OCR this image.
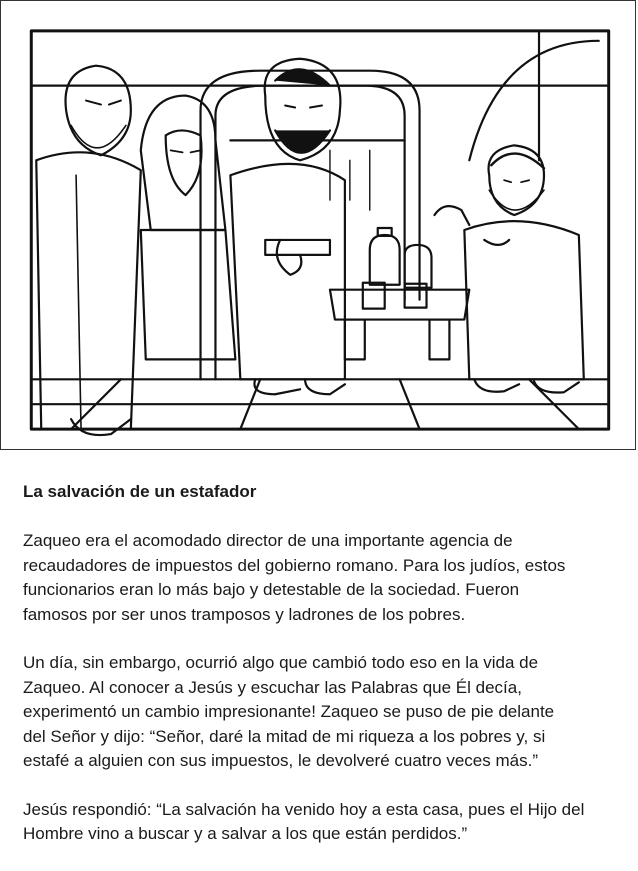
La salvación de un estafador

Zaqueo era el acomodado director de una importante agencia de
recaudadores de impuestos del gobierno romano. Para los judíos, estos
funcionarios eran lo más bajo y detestable de la sociedad. Fueron
famosos por ser unos tramposos y ladrones de los pobres.

Un día, sin embargo, ocurrió algo que cambió todo eso en la vida de
Zaqueo. Al conocer a Jesús y escuchar las Palabras que Él decía,
experimentó un cambio impresionante! Zaqueo se puso de pie delante
del Señor y dijo: “Señor, daré la mitad de mi riqueza a los pobres y, si
estafé a alguien con sus impuestos, le devolveré cuatro veces más.”

Jesús respondió: “La salvación ha venido hoy a esta casa, pues el Hijo del
Hombre vino a buscar y a salvar a los que están perdidos.”
